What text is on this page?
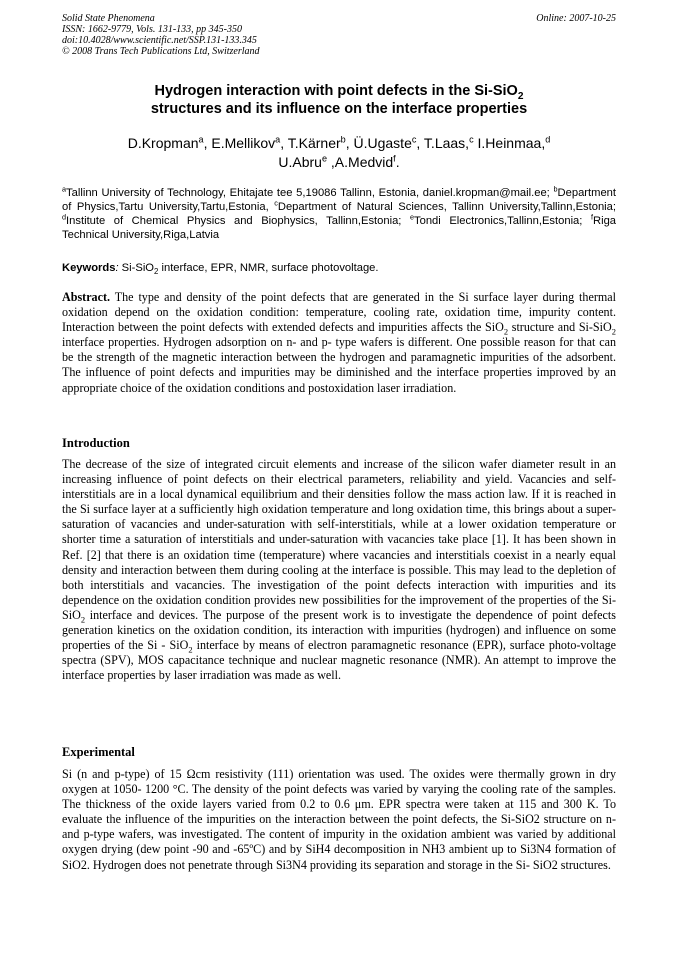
Solid State Phenomena
ISSN: 1662-9779, Vols. 131-133, pp 345-350
doi:10.4028/www.scientific.net/SSP.131-133.345
© 2008 Trans Tech Publications Ltd, Switzerland
Online: 2007-10-25
Hydrogen interaction with point defects in the Si-SiO$_2$
structures and its influence on the interface properties
D.Kropman$^a$, E.Mellikov$^a$, T.Kärner$^b$, Ü.Ugaste$^c$, T.Laas,$^c$ I.Heinmaa,$^d$
U.Abru$^e$ ,A.Medvid$^f$.
$^a$Tallinn University of Technology, Ehitajate tee 5,19086 Tallinn, Estonia, daniel.kropman@mail.ee; $^b$Department of Physics,Tartu University,Tartu,Estonia, $^c$Department of Natural Sciences, Tallinn University,Tallinn,Estonia; $^d$Institute of Chemical Physics and Biophysics, Tallinn,Estonia; $^e$Tondi Electronics,Tallinn,Estonia; $^f$Riga Technical University,Riga,Latvia
Keywords: Si-SiO$_2$ interface, EPR, NMR, surface photovoltage.
Abstract. The type and density of the point defects that are generated in the Si surface layer during thermal oxidation depend on the oxidation condition: temperature, cooling rate, oxidation time, impurity content. Interaction between the point defects with extended defects and impurities affects the SiO$_2$ structure and Si-SiO$_2$ interface properties. Hydrogen adsorption on n- and p- type wafers is different. One possible reason for that can be the strength of the magnetic interaction between the hydrogen and paramagnetic impurities of the adsorbent. The influence of point defects and impurities may be diminished and the interface properties improved by an appropriate choice of the oxidation conditions and postoxidation laser irradiation.
Introduction
The decrease of the size of integrated circuit elements and increase of the silicon wafer diameter result in an increasing influence of point defects on their electrical parameters, reliability and yield. Vacancies and self-interstitials are in a local dynamical equilibrium and their densities follow the mass action law. If it is reached in the Si surface layer at a sufficiently high oxidation temperature and long oxidation time, this brings about a super-saturation of vacancies and under-saturation with self-interstitials, while at a lower oxidation temperature or shorter time a saturation of interstitials and under-saturation with vacancies take place [1]. It has been shown in Ref. [2] that there is an oxidation time (temperature) where vacancies and interstitials coexist in a nearly equal density and interaction between them during cooling at the interface is possible. This may lead to the depletion of both interstitials and vacancies. The investigation of the point defects interaction with impurities and its dependence on the oxidation condition provides new possibilities for the improvement of the properties of the Si-SiO$_2$ interface and devices. The purpose of the present work is to investigate the dependence of point defects generation kinetics on the oxidation condition, its interaction with impurities (hydrogen) and influence on some properties of the Si - SiO$_2$ interface by means of electron paramagnetic resonance (EPR), surface photo-voltage spectra (SPV), MOS capacitance technique and nuclear magnetic resonance (NMR). An attempt to improve the interface properties by laser irradiation was made as well.
Experimental
Si (n and p-type) of 15 Ωcm resistivity (111) orientation was used. The oxides were thermally grown in dry oxygen at 1050- 1200 °C. The density of the point defects was varied by varying the cooling rate of the samples. The thickness of the oxide layers varied from 0.2 to 0.6 μm. EPR spectra were taken at 115 and 300 K. To evaluate the influence of the impurities on the interaction between the point defects, the Si-SiO2 structure on n- and p-type wafers, was investigated. The content of impurity in the oxidation ambient was varied by additional oxygen drying (dew point -90 and -65ºC) and by SiH4 decomposition in NH3 ambient up to Si3N4 formation of SiO2. Hydrogen does not penetrate through Si3N4 providing its separation and storage in the Si- SiO2 structures.
